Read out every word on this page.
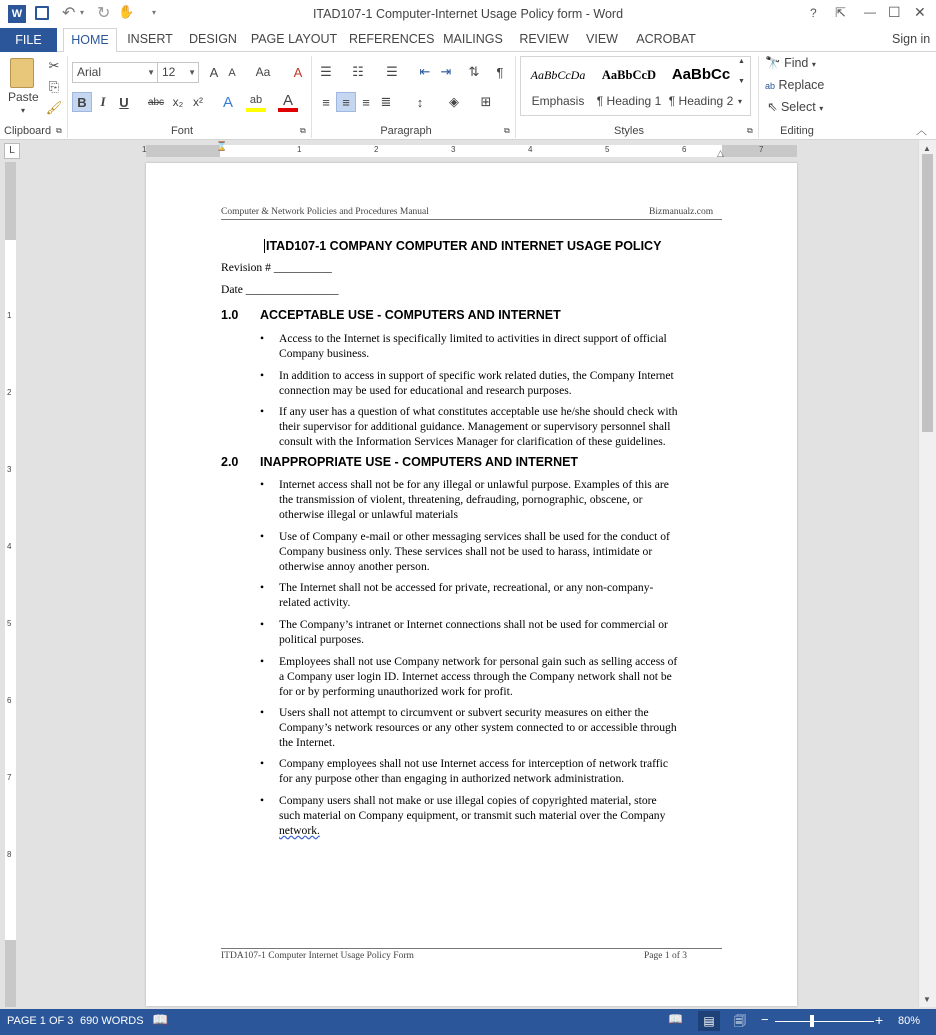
W ↶ ▾ ↻ ✋ ▾	ITAD107-1 Computer-Internet Usage Policy form - Word	? ⇱ — ☐ ✕
FILE	HOME	INSERT DESIGN PAGE LAYOUT REFERENCES MAILINGS REVIEW	VIEW	ACROBAT	Sign in
Paste
▾
✂
⎘
🖌
Clipboard ⧉
Arial	▼ 12 ▼	A A	Aa	A
B	I	U	abc x₂ x²	A	ab	A
Font	⧉
☰	☷	☰	⇤ ⇥	⇅	¶
≡ ≡ ≡ ≣	↕	◈	⊞
Paragraph	⧉
AaBbCcDa
Emphasis
AaBbCcD
¶ Heading 1
AaBbCc
¶ Heading 2
▲
▼
▾
Styles	⧉
🔭 Find ▾
ab Replace
⇖ Select ▾
Editing	︿
L	1	1	2	3	4	5	6	7
⌛
△
1
2
3
4
5
6
7
8
Computer & Network Policies and Procedures Manual	Bizmanualz.com
ITAD107-1 COMPANY COMPUTER AND INTERNET USAGE POLICY
Revision # __________
Date ________________
1.0 ACCEPTABLE USE - COMPUTERS AND INTERNET
• Access to the Internet is specifically limited to activities in direct support of official
Company business.
• In addition to access in support of specific work related duties, the Company Internet
connection may be used for educational and research purposes.
• If any user has a question of what constitutes acceptable use he/she should check with
their supervisor for additional guidance. Management or supervisory personnel shall
consult with the Information Services Manager for clarification of these guidelines.
2.0 INAPPROPRIATE USE - COMPUTERS AND INTERNET
• Internet access shall not be for any illegal or unlawful purpose. Examples of this are
the transmission of violent, threatening, defrauding, pornographic, obscene, or
otherwise illegal or unlawful materials
• Use of Company e-mail or other messaging services shall be used for the conduct of
Company business only. These services shall not be used to harass, intimidate or
otherwise annoy another person.
• The Internet shall not be accessed for private, recreational, or any non-company-
related activity.
• The Company’s intranet or Internet connections shall not be used for commercial or
political purposes.
• Employees shall not use Company network for personal gain such as selling access of
a Company user login ID. Internet access through the Company network shall not be
for or by performing unauthorized work for profit.
• Users shall not attempt to circumvent or subvert security measures on either the
Company’s network resources or any other system connected to or accessible through
the Internet.
• Company employees shall not use Internet access for interception of network traffic
for any purpose other than engaging in authorized network administration.
• Company users shall not make or use illegal copies of copyrighted material, store
such material on Company equipment, or transmit such material over the Company
network.
ITDA107-1 Computer Internet Usage Policy Form	Page 1 of 3
▲
▼
PAGE 1 OF 3 690 WORDS 📖	📖	▤	🗐 −	+ 80%
